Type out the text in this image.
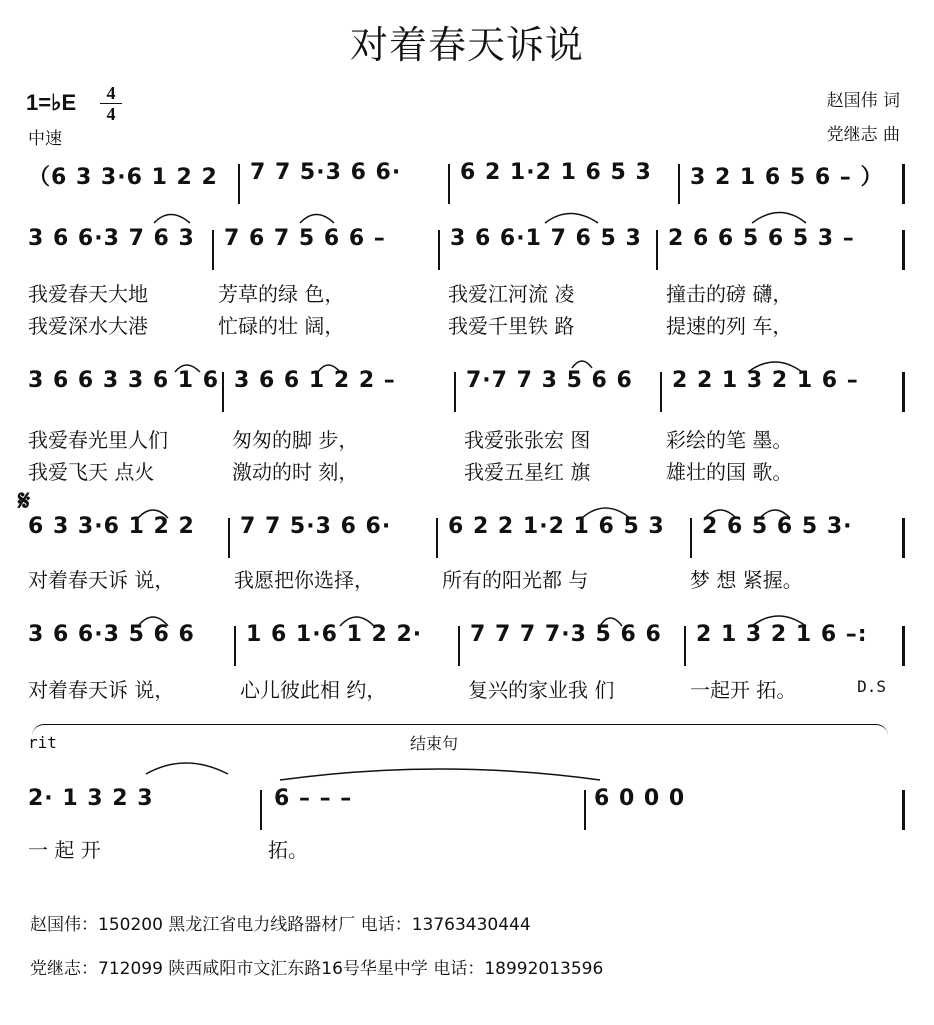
对着春天诉说
1=♭E	4
4
中速
赵国伟 词
党继志 曲

（6 3 3·6 1 2 2

7 7 5·3 6 6·

	6 2 1·2 1 6 5 3

3 2 1 6 5 6 – ）

3 6 6·3 7 6 3

7 6 7 5 6 6 –

	3 6 6·1 7 6 5 3

2 6 6 5 6 5 3 –

我爱春天大地

	芳草的绿 色，

	我爱江河流 凌

	撞击的磅 礴，

我爱深水大港

	忙碌的壮 阔，

	我爱千里铁 路

	提速的列 车，

3 6 6 3 3 6 1 6

3 6 6 1 2 2 –

	7·7 7 3 5 6 6

2 2 1 3 2 1 6 –

我爱春光里人们

	匆匆的脚 步，

	我爱张张宏 图

	彩绘的笔 墨。

我爱飞天 点火

	激动的时 刻，

	我爱五星红 旗

	雄壮的国 歌。

𝄋

6 3 3·6 1 2 2

7 7 5·3 6 6·

	6 2 2 1·2 1 6 5 3

2 6 5 6 5 3·

对着春天诉 说，

	我愿把你选择，

	所有的阳光都 与

	梦 想 紧握。

3 6 6·3 5 6 6

1 6 1·6 1 2 2·

7 7 7 7·3 5 6 6

2 1 3 2 1 6 –:

对着春天诉 说，

	心儿彼此相 约，

	复兴的家业我 们

	一起开 拓。

	D.S
rit	结束句

2· 1 3 2 3

	6 – – –

	6 0 0 0

一 起 开

	拓。

赵国伟：150200 黑龙江省电力线路器材厂 电话：13763430444
党继志：712099 陕西咸阳市文汇东路16号华星中学 电话：18992013596
